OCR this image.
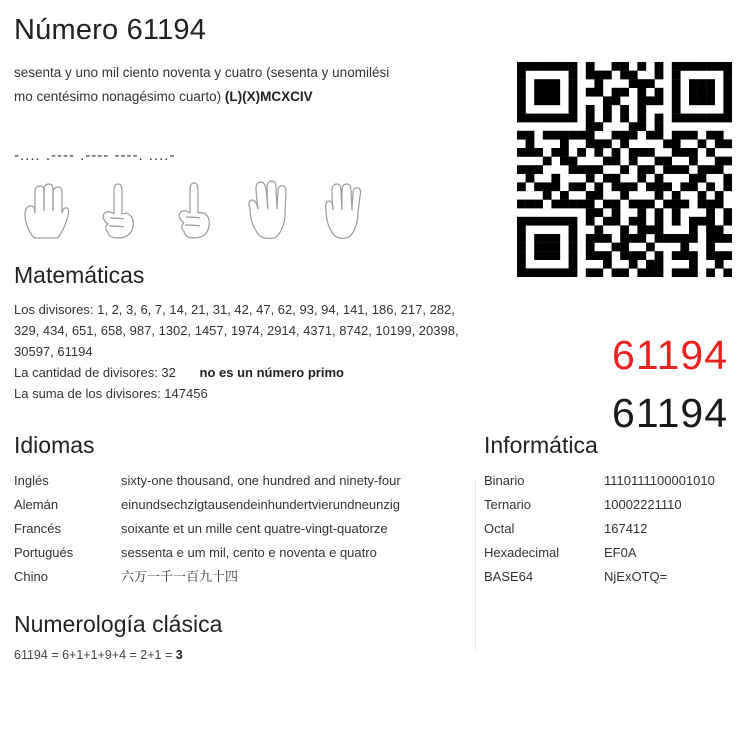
Número 61194
sesenta y uno mil ciento noventa y cuatro (sesenta y unomilési
mo centésimo nonagésimo cuarto) (L)(X)MCXCIV
-.... .---- .---- ----. ....-
61194
61194
Matemáticas
Los divisores: 1, 2, 3, 6, 7, 14, 21, 31, 42, 47, 62, 93, 94, 141, 186, 217, 282, 329, 434, 651, 658, 987, 1302, 1457, 1974, 2914, 4371, 8742, 10199, 20398, 30597, 61194
La cantidad de divisores: 32 no es un número primo
La suma de los divisores: 147456
Idiomas
Inglés	sixty-one thousand, one hundred and ninety-four
Alemán	einundsechzigtausendeinhundertvierundneunzig
Francés	soixante et un mille cent quatre-vingt-quatorze
Portugués	sessenta e um mil, cento e noventa e quatro
Chino	六万一千一百九十四
Informática
Binario	1110111100001010
Ternario	10002221110
Octal	167412
Hexadecimal	EF0A
BASE64	NjExOTQ=
Numerología clásica
61194 = 6+1+1+9+4 = 2+1 = 3
